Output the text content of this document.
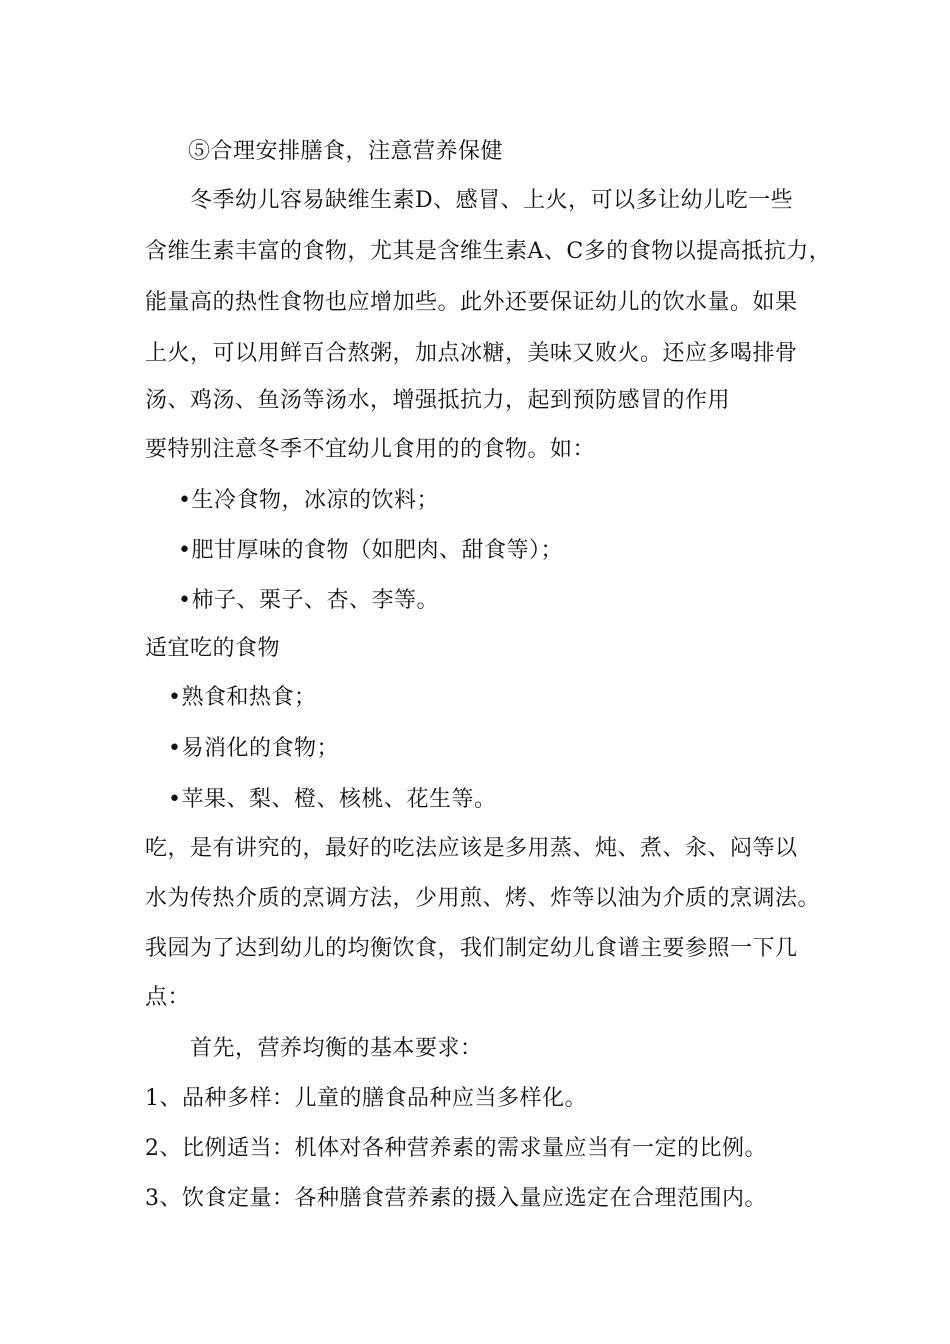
⑤合理安排膳食，注意营养保健
冬季幼儿容易缺维生素D、感冒、上火，可以多让幼儿吃一些
含维生素丰富的食物，尤其是含维生素A、C多的食物以提高抵抗力，
能量高的热性食物也应增加些。此外还要保证幼儿的饮水量。如果
上火，可以用鲜百合熬粥，加点冰糖，美味又败火。还应多喝排骨
汤、鸡汤、鱼汤等汤水，增强抵抗力，起到预防感冒的作用
要特别注意冬季不宜幼儿食用的的食物。如：
•生冷食物，冰凉的饮料；
•肥甘厚味的食物（如肥肉、甜食等）；
•柿子、栗子、杏、李等。
适宜吃的食物
•熟食和热食；
•易消化的食物；
•苹果、梨、橙、核桃、花生等。
吃，是有讲究的，最好的吃法应该是多用蒸、炖、煮、汆、闷等以
水为传热介质的烹调方法，少用煎、烤、炸等以油为介质的烹调法。
我园为了达到幼儿的均衡饮食，我们制定幼儿食谱主要参照一下几
点：
首先，营养均衡的基本要求：
1、品种多样：儿童的膳食品种应当多样化。
2、比例适当：机体对各种营养素的需求量应当有一定的比例。
3、饮食定量：各种膳食营养素的摄入量应选定在合理范围内。
